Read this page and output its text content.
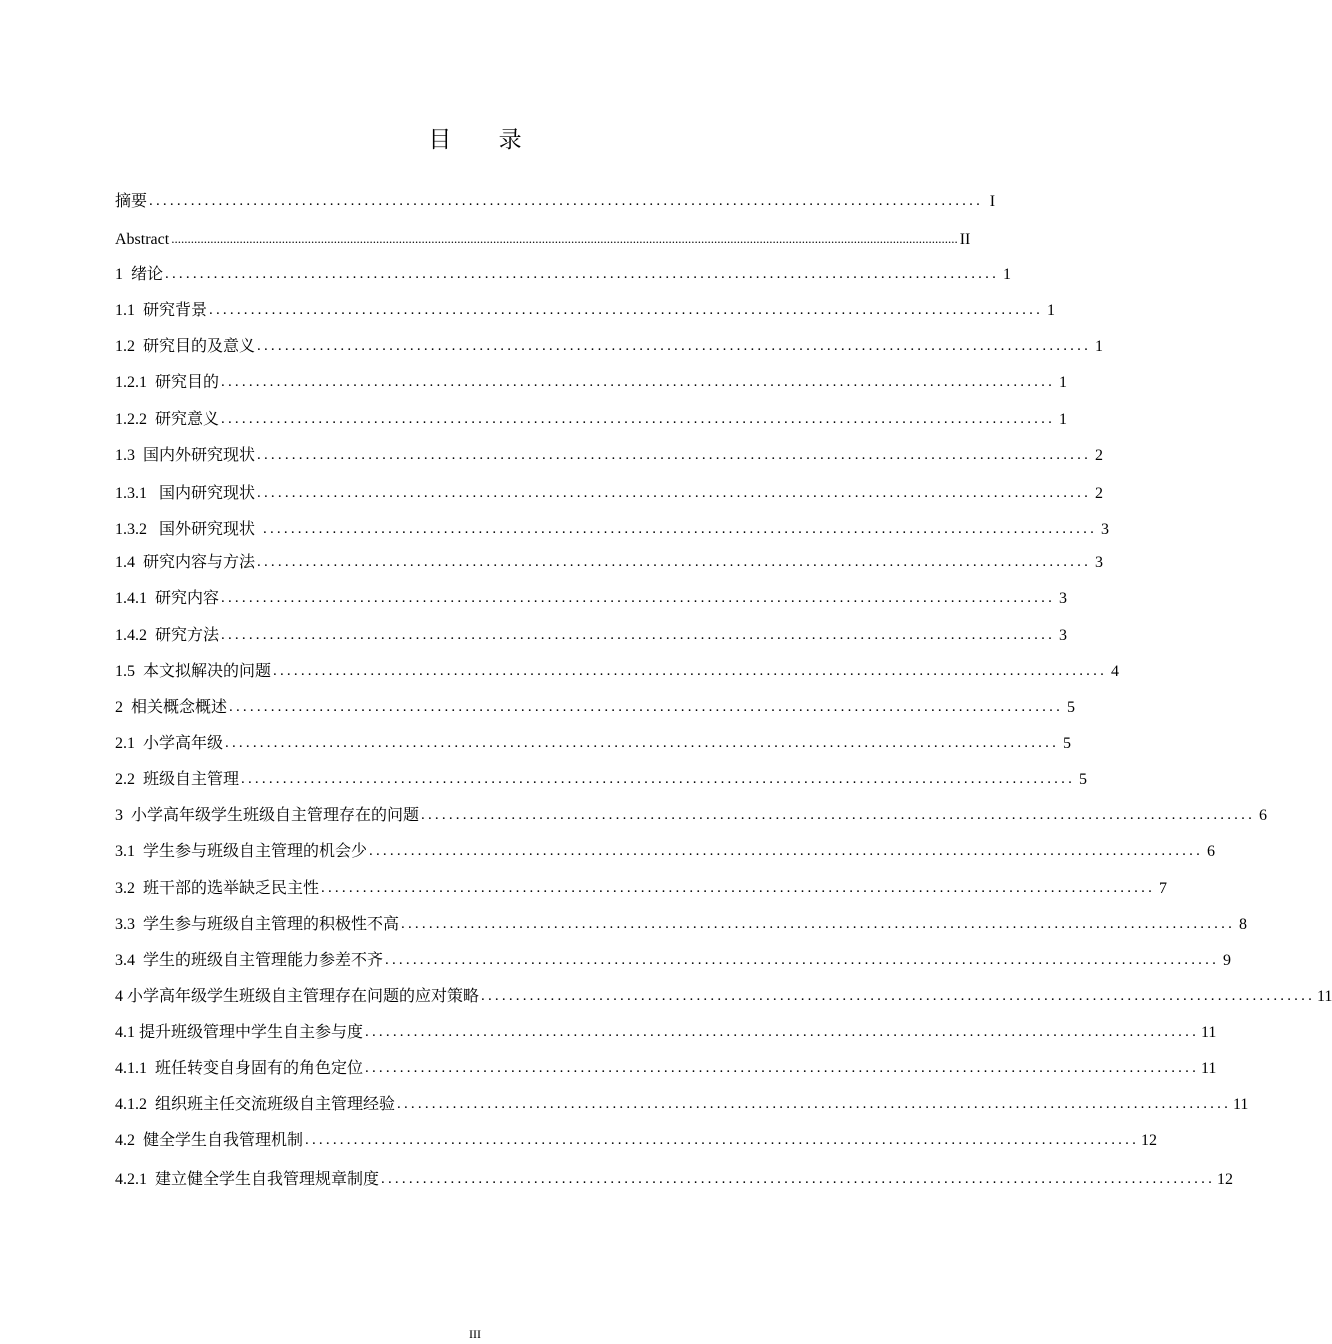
目 录
摘要 ........................................................................................................................ I
Abstract .................................................................................................................................................................................................................................................. II
1  绪论 ........................................................................................................................ 1
1.1  研究背景 ........................................................................................................................ 1
1.2  研究目的及意义 ........................................................................................................................ 1
1.2.1  研究目的 ........................................................................................................................ 1
1.2.2  研究意义 ........................................................................................................................ 1
1.3  国内外研究现状 ........................................................................................................................ 2
1.3.1   国内研究现状 ........................................................................................................................ 2
1.3.2   国外研究现状 ........................................................................................................................ 3
1.4  研究内容与方法 ........................................................................................................................ 3
1.4.1  研究内容 ........................................................................................................................ 3
1.4.2  研究方法 ........................................................................................................................ 3
1.5  本文拟解决的问题 ........................................................................................................................ 4
2  相关概念概述 ........................................................................................................................ 5
2.1  小学高年级 ........................................................................................................................ 5
2.2  班级自主管理 ........................................................................................................................ 5
3  小学高年级学生班级自主管理存在的问题 ........................................................................................................................ 6
3.1  学生参与班级自主管理的机会少 ........................................................................................................................ 6
3.2  班干部的选举缺乏民主性 ........................................................................................................................ 7
3.3  学生参与班级自主管理的积极性不高 ........................................................................................................................ 8
3.4  学生的班级自主管理能力参差不齐 ........................................................................................................................ 9
4 小学高年级学生班级自主管理存在问题的应对策略 ........................................................................................................................ 11
4.1 提升班级管理中学生自主参与度 ........................................................................................................................ 11
4.1.1  班任转变自身固有的角色定位 ........................................................................................................................ 11
4.1.2  组织班主任交流班级自主管理经验 ........................................................................................................................ 11
4.2  健全学生自我管理机制 ........................................................................................................................ 12
4.2.1  建立健全学生自我管理规章制度 ........................................................................................................................ 12
III
